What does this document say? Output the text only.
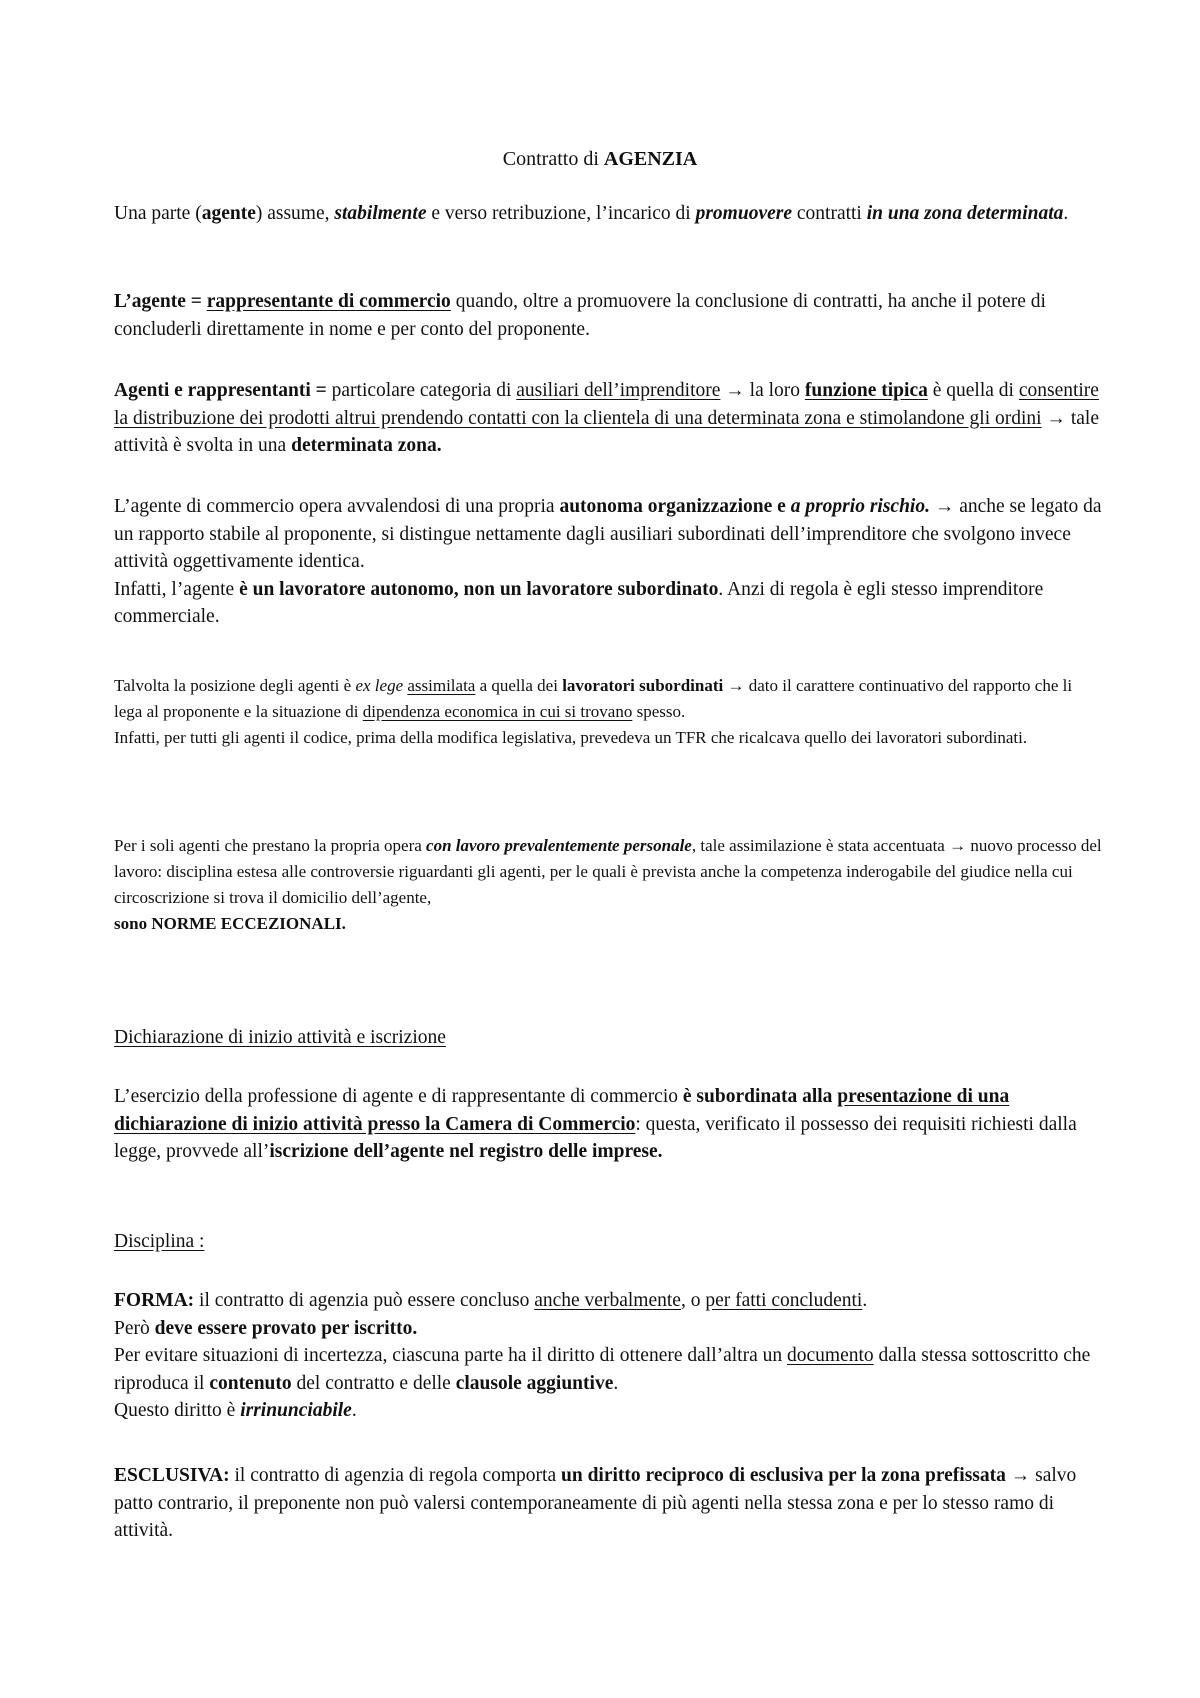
Contratto di AGENZIA

Una parte (agente) assume, stabilmente e verso retribuzione, l’incarico di promuovere contratti in una zona determinata.

L’agente = rappresentante di commercio quando, oltre a promuovere la conclusione di contratti, ha anche il potere di concluderli direttamente in nome e per conto del proponente.

Agenti e rappresentanti = particolare categoria di ausiliari dell’imprenditore → la loro funzione tipica è quella di consentire la distribuzione dei prodotti altrui prendendo contatti con la clientela di una determinata zona e stimolandone gli ordini → tale attività è svolta in una determinata zona.

L’agente di commercio opera avvalendosi di una propria autonoma organizzazione e a proprio rischio. → anche se legato da un rapporto stabile al proponente, si distingue nettamente dagli ausiliari subordinati dell’imprenditore che svolgono invece attività oggettivamente identica.
Infatti, l’agente è un lavoratore autonomo, non un lavoratore subordinato. Anzi di regola è egli stesso imprenditore commerciale.

Talvolta la posizione degli agenti è ex lege assimilata a quella dei lavoratori subordinati → dato il carattere continuativo del rapporto che li lega al proponente e la situazione di dipendenza economica in cui si trovano spesso.
Infatti, per tutti gli agenti il codice, prima della modifica legislativa, prevedeva un TFR che ricalcava quello dei lavoratori subordinati.

Per i soli agenti che prestano la propria opera con lavoro prevalentemente personale, tale assimilazione è stata accentuata → nuovo processo del lavoro: disciplina estesa alle controversie riguardanti gli agenti, per le quali è prevista anche la competenza inderogabile del giudice nella cui circoscrizione si trova il domicilio dell’agente,
sono NORME ECCEZIONALI.

Dichiarazione di inizio attività e iscrizione

L’esercizio della professione di agente e di rappresentante di commercio è subordinata alla presentazione di una dichiarazione di inizio attività presso la Camera di Commercio: questa, verificato il possesso dei requisiti richiesti dalla legge, provvede all’iscrizione dell’agente nel registro delle imprese.

Disciplina :

FORMA: il contratto di agenzia può essere concluso anche verbalmente, o per fatti concludenti.
Però deve essere provato per iscritto.
Per evitare situazioni di incertezza, ciascuna parte ha il diritto di ottenere dall’altra un documento dalla stessa sottoscritto che riproduca il contenuto del contratto e delle clausole aggiuntive.
Questo diritto è irrinunciabile.

ESCLUSIVA: il contratto di agenzia di regola comporta un diritto reciproco di esclusiva per la zona prefissata → salvo patto contrario, il preponente non può valersi contemporaneamente di più agenti nella stessa zona e per lo stesso ramo di attività.
